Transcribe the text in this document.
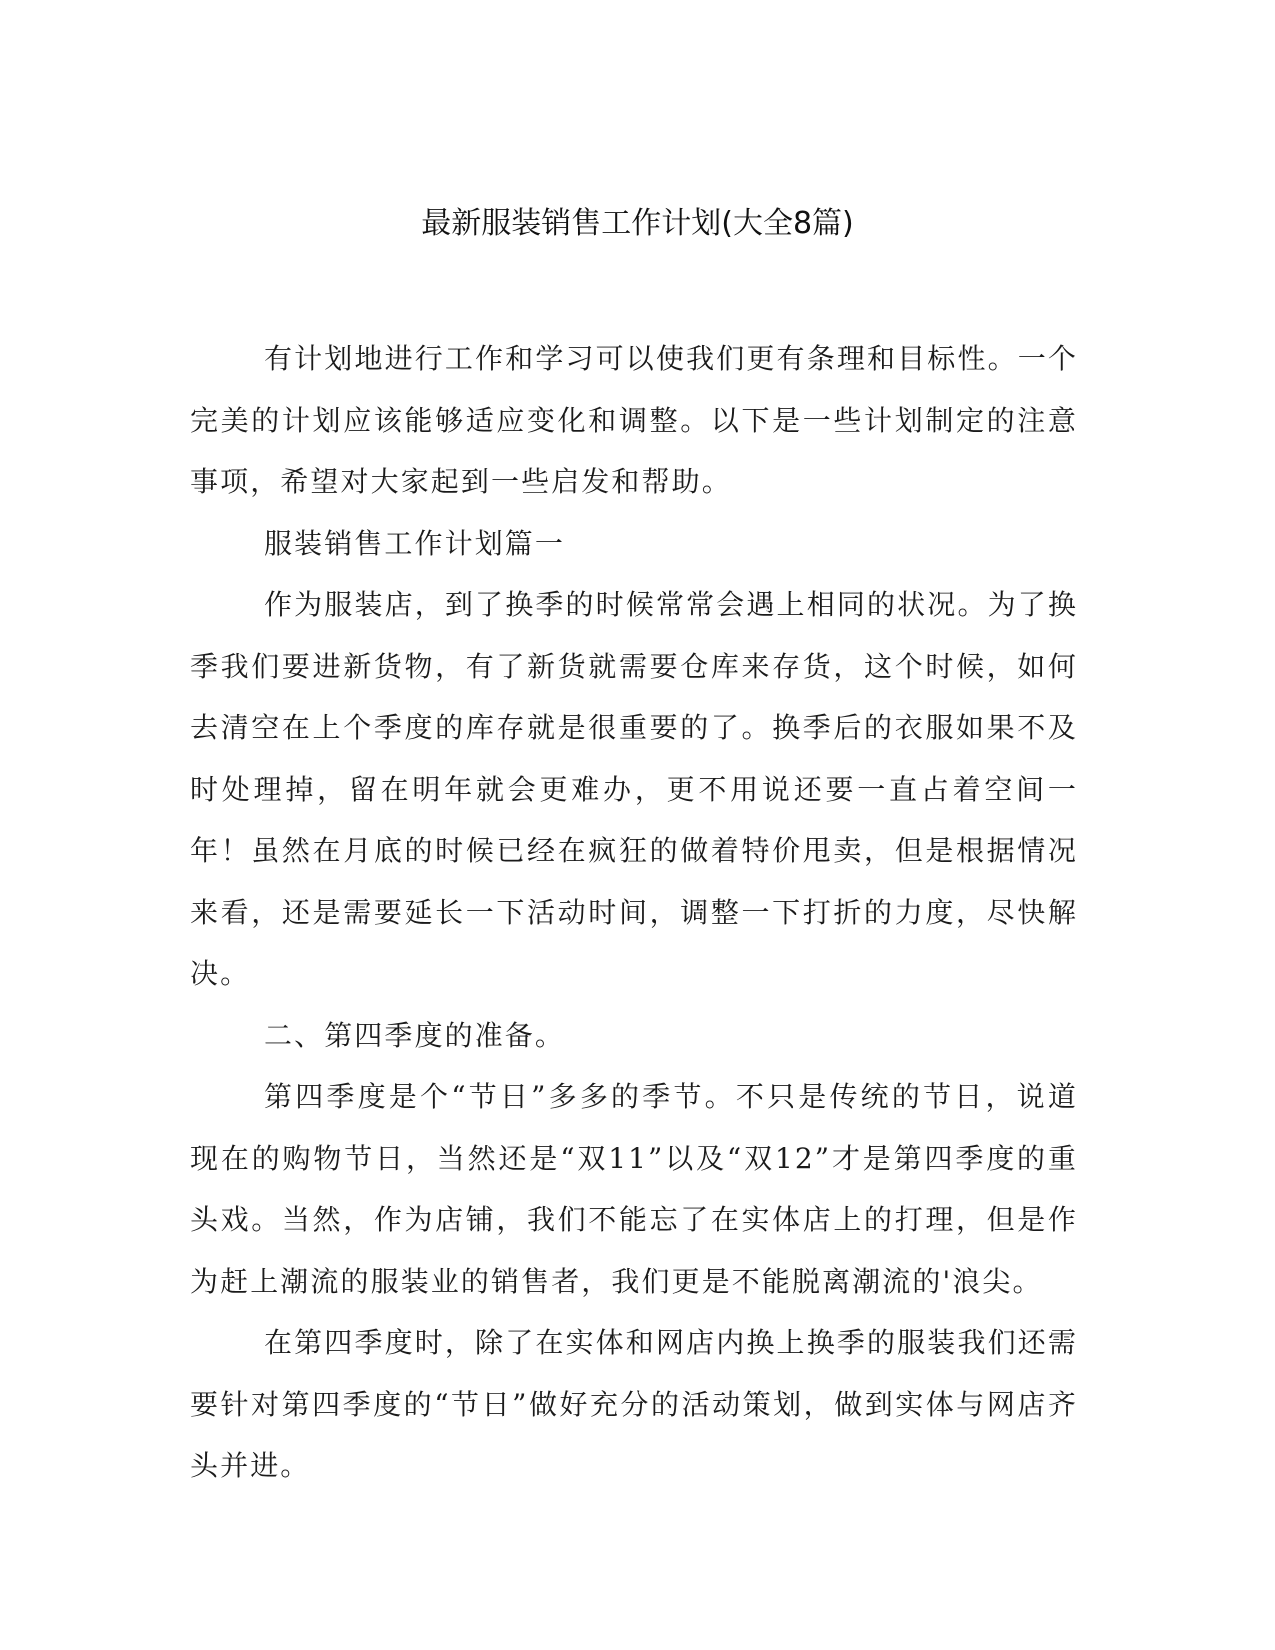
最新服装销售工作计划(大全8篇)

有计划地进行工作和学习可以使我们更有条理和目标性。一个完美的计划应该能够适应变化和调整。以下是一些计划制定的注意事项，希望对大家起到一些启发和帮助。

服装销售工作计划篇一

作为服装店，到了换季的时候常常会遇上相同的状况。为了换季我们要进新货物，有了新货就需要仓库来存货，这个时候，如何去清空在上个季度的库存就是很重要的了。换季后的衣服如果不及时处理掉，留在明年就会更难办，更不用说还要一直占着空间一年！虽然在月底的时候已经在疯狂的做着特价甩卖，但是根据情况来看，还是需要延长一下活动时间，调整一下打折的力度，尽快解决。

二、第四季度的准备。

第四季度是个“节日”多多的季节。不只是传统的节日，说道现在的购物节日，当然还是“双11”以及“双12”才是第四季度的重头戏。当然，作为店铺，我们不能忘了在实体店上的打理，但是作为赶上潮流的服装业的销售者，我们更是不能脱离潮流的'浪尖。

在第四季度时，除了在实体和网店内换上换季的服装我们还需要针对第四季度的“节日”做好充分的活动策划，做到实体与网店齐头并进。
